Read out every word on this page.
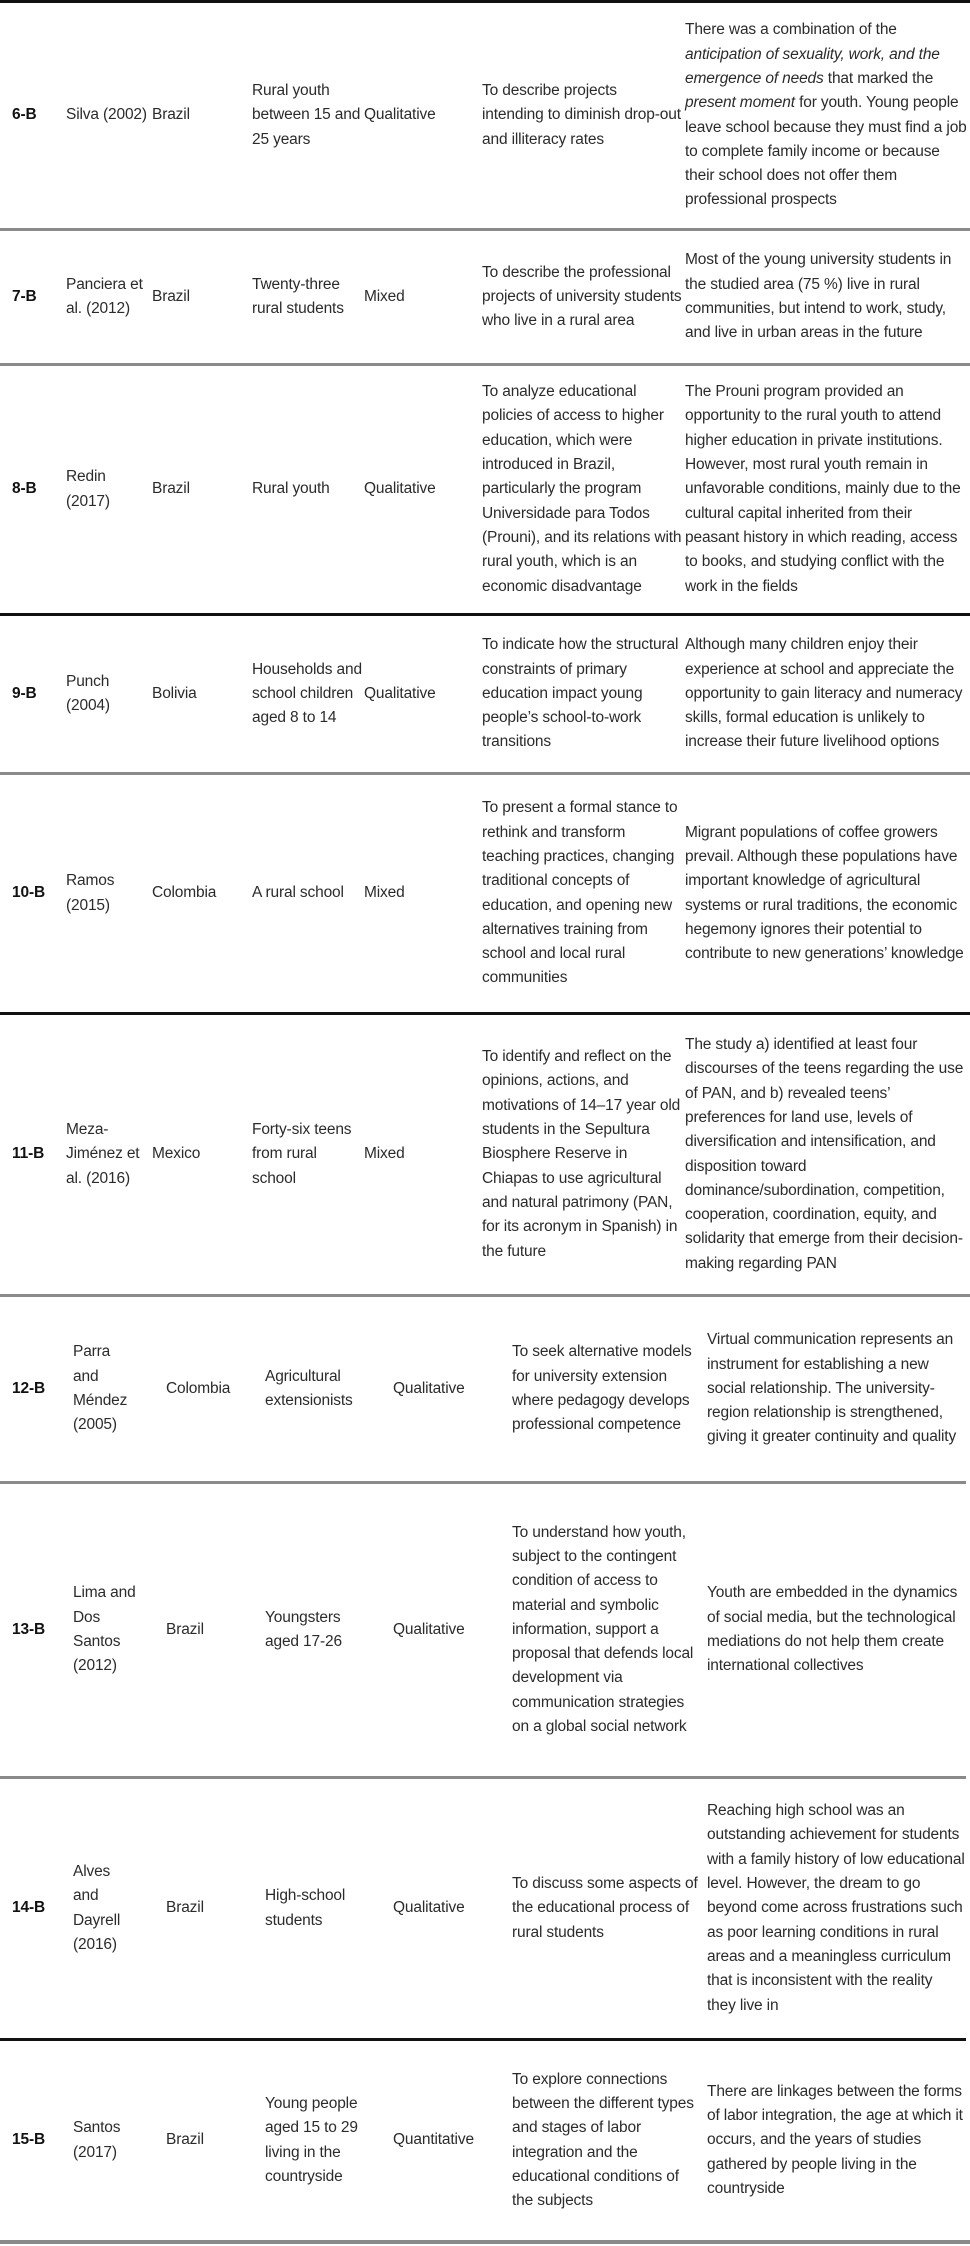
6-B Silva (2002) Brazil
Rural youth between 15 and 25 years
Qualitative
To describe projects intending to diminish drop-out and illiteracy rates
There was a combination of the anticipation of sexuality, work, and the emergence of needs that marked the present moment for youth. Young people leave school because they must find a job to complete family income or because their school does not offer them professional prospects
7-B
Panciera et al. (2012)
Brazil
Twenty-three rural students
Mixed
To describe the professional projects of university students who live in a rural area
Most of the young university students in the studied area (75 %) live in rural communities, but intend to work, study, and live in urban areas in the future
8-B
Redin (2017)
Brazil	Rural youth Qualitative
To analyze educational policies of access to higher education, which were introduced in Brazil, particularly the program Universidade para Todos (Prouni), and its relations with rural youth, which is an economic disadvantage
The Prouni program provided an opportunity to the rural youth to attend higher education in private institutions. However, most rural youth remain in unfavorable conditions, mainly due to the cultural capital inherited from their peasant history in which reading, access to books, and studying conflict with the work in the fields
9-B
Punch (2004)
Bolivia
Households and school children aged 8 to 14
Qualitative
To indicate how the structural constraints of primary education impact young people’s school-to-work transitions
Although many children enjoy their experience at school and appreciate the opportunity to gain literacy and numeracy skills, formal education is unlikely to increase their future livelihood options
10-B
Ramos (2015)
Colombia A rural school Mixed
To present a formal stance to rethink and transform teaching practices, changing traditional concepts of education, and opening new alternatives training from school and local rural communities
Migrant populations of coffee growers prevail. Although these populations have important knowledge of agricultural systems or rural traditions, the economic hegemony ignores their potential to contribute to new generations’ knowledge
11-B
Meza-Jiménez et al. (2016)
Mexico
Forty-six teens from rural school
Mixed
To identify and reflect on the opinions, actions, and motivations of 14–17 year old students in the Sepultura Biosphere Reserve in Chiapas to use agricultural and natural patrimony (PAN, for its acronym in Spanish) in the future
The study a) identified at least four discourses of the teens regarding the use of PAN, and b) revealed teens’ preferences for land use, levels of diversification and intensification, and disposition toward dominance/subordination, competition, cooperation, coordination, equity, and solidarity that emerge from their decision-making regarding PAN
12-B
Parra and Méndez (2005)
Colombia
Agricultural extensionists
Qualitative
To seek alternative models for university extension where pedagogy develops professional competence
Virtual communication represents an instrument for establishing a new social relationship. The university-region relationship is strengthened, giving it greater continuity and quality
13-B
Lima and Dos Santos (2012)
Brazil
Youngsters aged 17-26
Qualitative
To understand how youth, subject to the contingent condition of access to material and symbolic information, support a proposal that defends local development via communication strategies on a global social network
Youth are embedded in the dynamics of social media, but the technological mediations do not help them create international collectives
14-B
Alves and Dayrell (2016)
Brazil
High-school students
Qualitative
To discuss some aspects of the educational process of rural students
Reaching high school was an outstanding achievement for students with a family history of low educational level. However, the dream to go beyond come across frustrations such as poor learning conditions in rural areas and a meaningless curriculum that is inconsistent with the reality they live in
15-B
Santos (2017)
Brazil
Young people aged 15 to 29 living in the countryside
Quantitative
To explore connections between the different types and stages of labor integration and the educational conditions of the subjects
There are linkages between the forms of labor integration, the age at which it occurs, and the years of studies gathered by people living in the countryside
